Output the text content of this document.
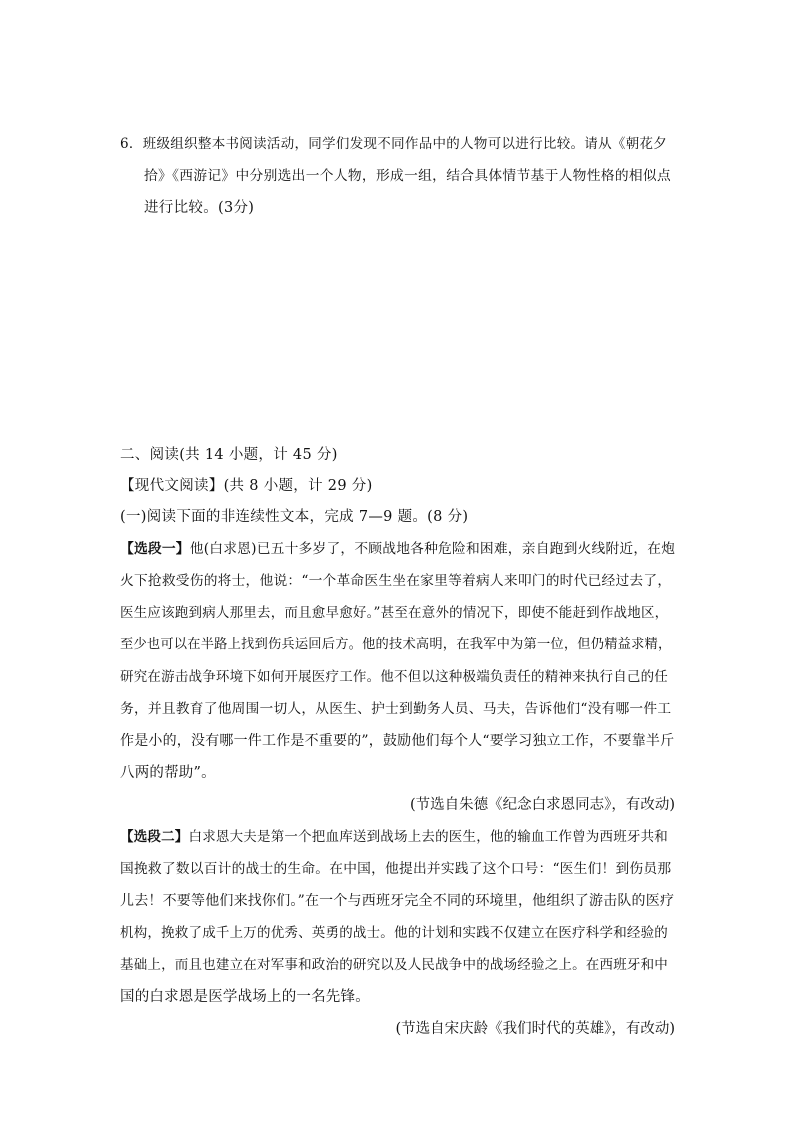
6．班级组织整本书阅读活动，同学们发现不同作品中的人物可以进行比较。请从《朝花夕
拾》《西游记》中分别选出一个人物，形成一组，结合具体情节基于人物性格的相似点
进行比较。(3分)
二、阅读(共 14 小题，计 45 分)
【现代文阅读】(共 8 小题，计 29 分)
(一)阅读下面的非连续性文本，完成 7—9 题。(8 分)
【选段一】他(白求恩)已五十多岁了，不顾战地各种危险和困难，亲自跑到火线附近，在炮
火下抢救受伤的将士，他说：“一个革命医生坐在家里等着病人来叩门的时代已经过去了，
医生应该跑到病人那里去，而且愈早愈好。”甚至在意外的情况下，即使不能赶到作战地区，
至少也可以在半路上找到伤兵运回后方。他的技术高明，在我军中为第一位，但仍精益求精，
研究在游击战争环境下如何开展医疗工作。他不但以这种极端负责任的精神来执行自己的任
务，并且教育了他周围一切人，从医生、护士到勤务人员、马夫，告诉他们“没有哪一件工
作是小的，没有哪一件工作是不重要的”，鼓励他们每个人“要学习独立工作，不要靠半斤
八两的帮助”。
(节选自朱德《纪念白求恩同志》，有改动)
【选段二】白求恩大夫是第一个把血库送到战场上去的医生，他的输血工作曾为西班牙共和
国挽救了数以百计的战士的生命。在中国，他提出并实践了这个口号：“医生们！到伤员那
儿去！不要等他们来找你们。”在一个与西班牙完全不同的环境里，他组织了游击队的医疗
机构，挽救了成千上万的优秀、英勇的战士。他的计划和实践不仅建立在医疗科学和经验的
基础上，而且也建立在对军事和政治的研究以及人民战争中的战场经验之上。在西班牙和中
国的白求恩是医学战场上的一名先锋。
(节选自宋庆龄《我们时代的英雄》，有改动)
